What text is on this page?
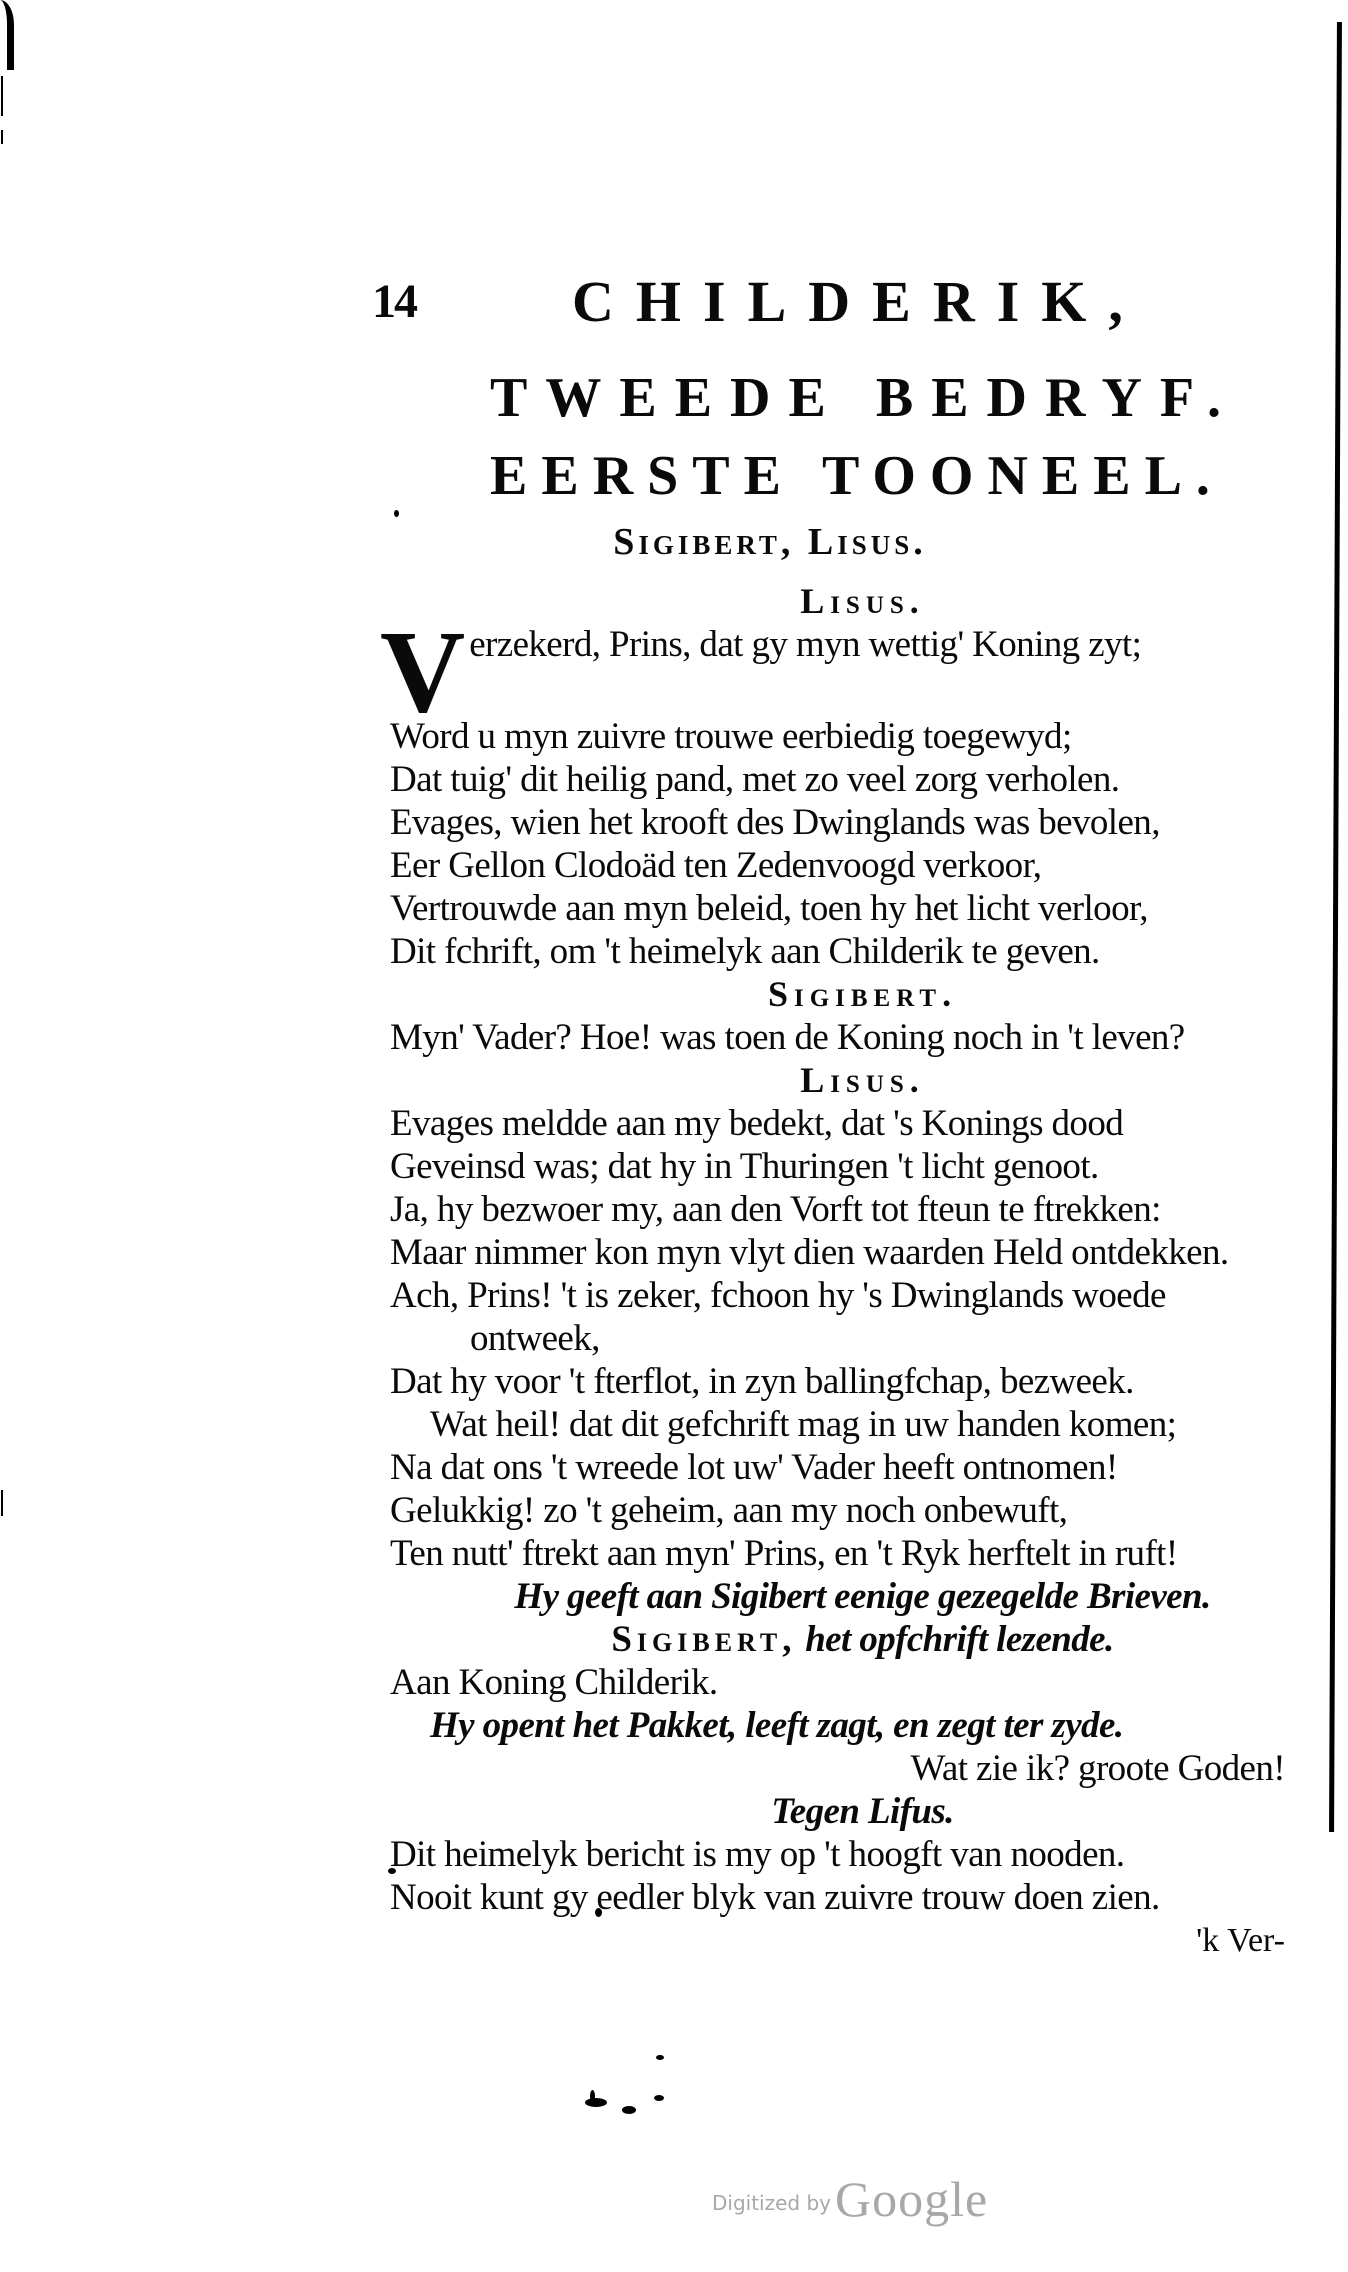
14	CHILDERIK,
TWEEDE BEDRYF.
EERSTE TOONEEL.
Sigibert, Lisus.
Lisus.
V erzekerd, Prins, dat gy myn wettig' Koning zyt;
Word u myn zuivre trouwe eerbiedig toegewyd;
Dat tuig' dit heilig pand, met zo veel zorg verholen.
Evages, wien het krooft des Dwinglands was bevolen,
Eer Gellon Clodoäd ten Zedenvoogd verkoor,
Vertrouwde aan myn beleid, toen hy het licht verloor,
Dit fchrift, om 't heimelyk aan Childerik te geven.
Sigibert.
Myn' Vader? Hoe! was toen de Koning noch in 't leven?
Lisus.
Evages meldde aan my bedekt, dat 's Konings dood
Geveinsd was; dat hy in Thuringen 't licht genoot.
Ja, hy bezwoer my, aan den Vorft tot fteun te ftrekken:
Maar nimmer kon myn vlyt dien waarden Held ontdekken.
Ach, Prins! 't is zeker, fchoon hy 's Dwinglands woede
ontweek,
Dat hy voor 't fterflot, in zyn ballingfchap, bezweek.
Wat heil! dat dit gefchrift mag in uw handen komen;
Na dat ons 't wreede lot uw' Vader heeft ontnomen!
Gelukkig! zo 't geheim, aan my noch onbewuft,
Ten nutt' ftrekt aan myn' Prins, en 't Ryk herftelt in ruft!
Hy geeft aan Sigibert eenige gezegelde Brieven.
Sigibert, het opfchrift lezende.
Aan Koning Childerik.
Hy opent het Pakket, leeft zagt, en zegt ter zyde.
Wat zie ik? groote Goden!
Tegen Lifus.
Dit heimelyk bericht is my op 't hoogft van nooden.
Nooit kunt gy eedler blyk van zuivre trouw doen zien.
'k Ver-
Digitized by Google
